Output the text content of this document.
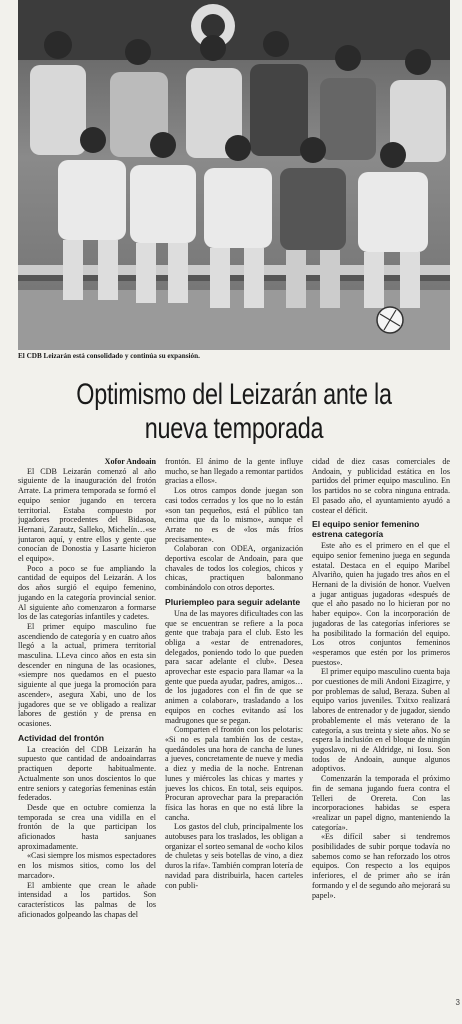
El CDB Leizarán está consolidado y continúa su expansión.
Optimismo del Leizarán ante la
nueva temporada

Xofor Andoain

El CDB Leizarán comenzó al año siguiente de la inauguración del frotón Arrate. La primera temporada se formó el equipo senior jugando en tercera territorial. Estaba compuesto por jugadores procedentes del Bidasoa, Hernani, Zarautz, Salleko, Michelín…«se juntaron aquí, y entre ellos y gente que conocían de Donostia y Lasarte hicieron el equipo».

Poco a poco se fue ampliando la cantidad de equipos del Leizarán. A los dos años surgió el equipo femenino, jugando en la categoría provincial senior. Al siguiente año comenzaron a formarse los de las categorías infantiles y cadetes.

El primer equipo masculino fue ascendiendo de categoría y en cuatro años llegó a la actual, primera territorial masculina. LLeva cinco años en esta sin descender en ninguna de las ocasiones, «siempre nos quedamos en el puesto siguiente al que juega la promoción para ascender», asegura Xabi, uno de los jugadores que se ve obligado a realizar labores de gestión y de prensa en ocasiones.

Actividad del frontón

La creación del CDB Leizarán ha supuesto que cantidad de andoaindarras practiquen deporte habitualmente. Actualmente son unos doscientos lo que entre seniors y categorías femeninas están federados.

Desde que en octubre comienza la temporada se crea una vidilla en el frontón de la que participan los aficionados hasta sanjuanes aproximadamente.

«Casi siempre los mismos espectadores en los mismos sitios, como los del marcador».

El ambiente que crean le añade intensidad a los partidos. Son característicos las palmas de los aficionados golpeando las chapas del

frontón. El ánimo de la gente influye mucho, se han llegado a remontar partidos gracias a ellos».

Los otros campos donde juegan son casi todos cerrados y los que no lo están «son tan pequeños, está el público tan encima que da lo mismo», aunque el Arrate no es de «los más fríos precisamente».

Colaboran con ODEA, organización deportiva escolar de Andoain, para que chavales de todos los colegios, chicos y chicas, practiquen balonmano combinándolo con otros deportes.

Pluriempleo para seguir adelante

Una de las mayores dificultades con las que se encuentran se refiere a la poca gente que trabaja para el club. Esto les obliga a «estar de entrenadores, delegados, poniendo todo lo que pueden para sacar adelante el club». Desea aprovechar este espacio para llamar «a la gente que pueda ayudar, padres, amigos… de los jugadores con el fin de que se animen a colaborar», trasladando a los equipos en coches evitando así los madrugones que se pegan.

Comparten el frontón con los pelotaris: «Si no es pala también los de cesta», quedándoles una hora de cancha de lunes a jueves, concretamente de nueve y media a diez y media de la noche. Entrenan lunes y miércoles las chicas y martes y jueves los chicos. En total, seis equipos. Procuran aprovechar para la preparación física las horas en que no está libre la cancha.

Los gastos del club, principalmente los autobuses para los traslados, les obligan a organizar el sorteo semanal de «ocho kilos de chuletas y seis botellas de vino, a diez duros la rifa». También compran lotería de navidad para distribuirla, hacen carteles con publi-

cidad de diez casas comerciales de Andoain, y publicidad estática en los partidos del primer equipo masculino. En los partidos no se cobra ninguna entrada. El pasado año, el ayuntamiento ayudó a costear el déficit.

El equipo senior femenino estrena categoría

Este año es el primero en el que el equipo senior femenino juega en segunda estatal. Destaca en el equipo Maribel Alvariño, quien ha jugado tres años en el Hernani de la división de honor. Vuelven a jugar antiguas jugadoras «después de que el año pasado no lo hicieran por no haber equipo». Con la incorporación de jugadoras de las categorías inferiores se ha posibilitado la formación del equipo. Los otros conjuntos femeninos «esperamos que estén por los primeros puestos».

El primer equipo masculino cuenta baja por cuestiones de mili Andoni Eizagirre, y por problemas de salud, Beraza. Suben al equipo varios juveniles. Txitxo realizará labores de entrenador y de jugador, siendo probablemente el más veterano de la categoría, a sus treinta y siete años. No se espera la inclusión en el bloque de ningún yugoslavo, ni de Aldridge, ni Iosu. Son todos de Andoain, aunque algunos adoptivos.

Comenzarán la temporada el próximo fin de semana jugando fuera contra el Telleri de Orereta. Con las incorporaciones habidas se espera «realizar un papel digno, manteniendo la categoría».

«Es difícil saber si tendremos posibilidades de subir porque todavía no sabemos como se han reforzado los otros equipos. Con respecto a los equipos inferiores, el de primer año se irán formando y el de segundo año mejorará su papel».

3
